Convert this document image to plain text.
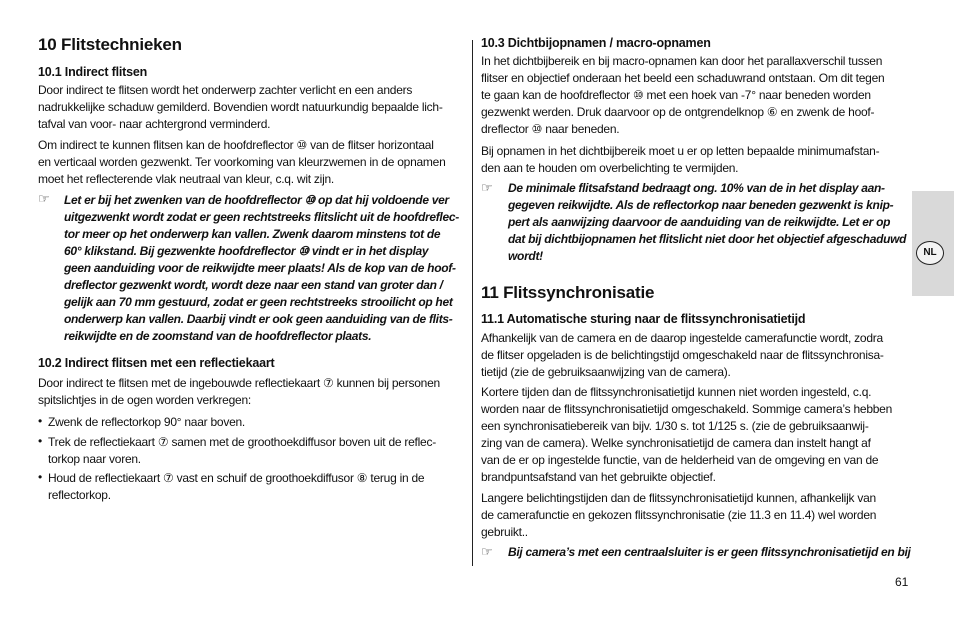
10 Flitstechnieken
10.1 Indirect flitsen
Door indirect te flitsen wordt het onderwerp zachter verlicht en een anders
nadrukkelijke schaduw gemilderd. Bovendien wordt natuurkundig bepaalde lich-
tafval van voor- naar achtergrond verminderd.
Om indirect te kunnen flitsen kan de hoofdreflector ⑩ van de flitser horizontaal
en verticaal worden gezwenkt. Ter voorkoming van kleurzwemen in de opnamen
moet het reflecterende vlak neutraal van kleur, c.q. wit zijn.
☞ Let er bij het zwenken van de hoofdreflector ⑩ op dat hij voldoende ver
uitgezwenkt wordt zodat er geen rechtstreeks flitslicht uit de hoofdreflec-
tor meer op het onderwerp kan vallen. Zwenk daarom minstens tot de
60° klikstand. Bij gezwenkte hoofdreflector ⑩ vindt er in het display
geen aanduiding voor de reikwijdte meer plaats! Als de kop van de hoof-
dreflector gezwenkt wordt, wordt deze naar een stand van groter dan /
gelijk aan 70 mm gestuurd, zodat er geen rechtstreeks strooilicht op het
onderwerp kan vallen. Daarbij vindt er ook geen aanduiding van de flits-
reikwijdte en de zoomstand van de hoofdreflector plaats.
10.2 Indirect flitsen met een reflectiekaart
Door indirect te flitsen met de ingebouwde reflectiekaart ⑦ kunnen bij personen
spitslichtjes in de ogen worden verkregen:
• Zwenk de reflectorkop 90° naar boven.
• Trek de reflectiekaart ⑦ samen met de groothoekdiffusor boven uit de reflec-
torkop naar voren.
• Houd de reflectiekaart ⑦ vast en schuif de groothoekdiffusor ⑧ terug in de
reflectorkop.
10.3 Dichtbijopnamen / macro-opnamen
In het dichtbijbereik en bij macro-opnamen kan door het parallaxverschil tussen
flitser en objectief onderaan het beeld een schaduwrand ontstaan. Om dit tegen
te gaan kan de hoofdreflector ⑩ met een hoek van -7° naar beneden worden
gezwenkt werden. Druk daarvoor op de ontgrendelknop ⑥ en zwenk de hoof-
dreflector ⑩ naar beneden.
Bij opnamen in het dichtbijbereik moet u er op letten bepaalde minimumafstan-
den aan te houden om overbelichting te vermijden.
☞ De minimale flitsafstand bedraagt ong. 10% van de in het display aan-
gegeven reikwijdte. Als de reflectorkop naar beneden gezwenkt is knip-
pert als aanwijzing daarvoor de aanduiding van de reikwijdte. Let er op
dat bij dichtbijopnamen het flitslicht niet door het objectief afgeschaduwd
wordt!
11 Flitssynchronisatie
11.1 Automatische sturing naar de flitssynchronisatietijd
Afhankelijk van de camera en de daarop ingestelde camerafunctie wordt, zodra
de flitser opgeladen is de belichtingstijd omgeschakeld naar de flitssynchronisa-
tietijd (zie de gebruiksaanwijzing van de camera).
Kortere tijden dan de flitssynchronisatietijd kunnen niet worden ingesteld, c.q.
worden naar de flitssynchronisatietijd omgeschakeld. Sommige camera’s hebben
een synchronisatiebereik van bijv. 1/30 s. tot 1/125 s. (zie de gebruiksaanwij-
zing van de camera). Welke synchronisatietijd de camera dan instelt hangt af
van de er op ingestelde functie, van de helderheid van de omgeving en van de
brandpuntsafstand van het gebruikte objectief.
Langere belichtingstijden dan de flitssynchronisatietijd kunnen, afhankelijk van
de camerafunctie en gekozen flitssynchronisatie (zie 11.3 en 11.4) wel worden
gebruikt..
☞ Bij camera’s met een centraalsluiter is er geen flitssynchronisatietijd en bij
NL
61
